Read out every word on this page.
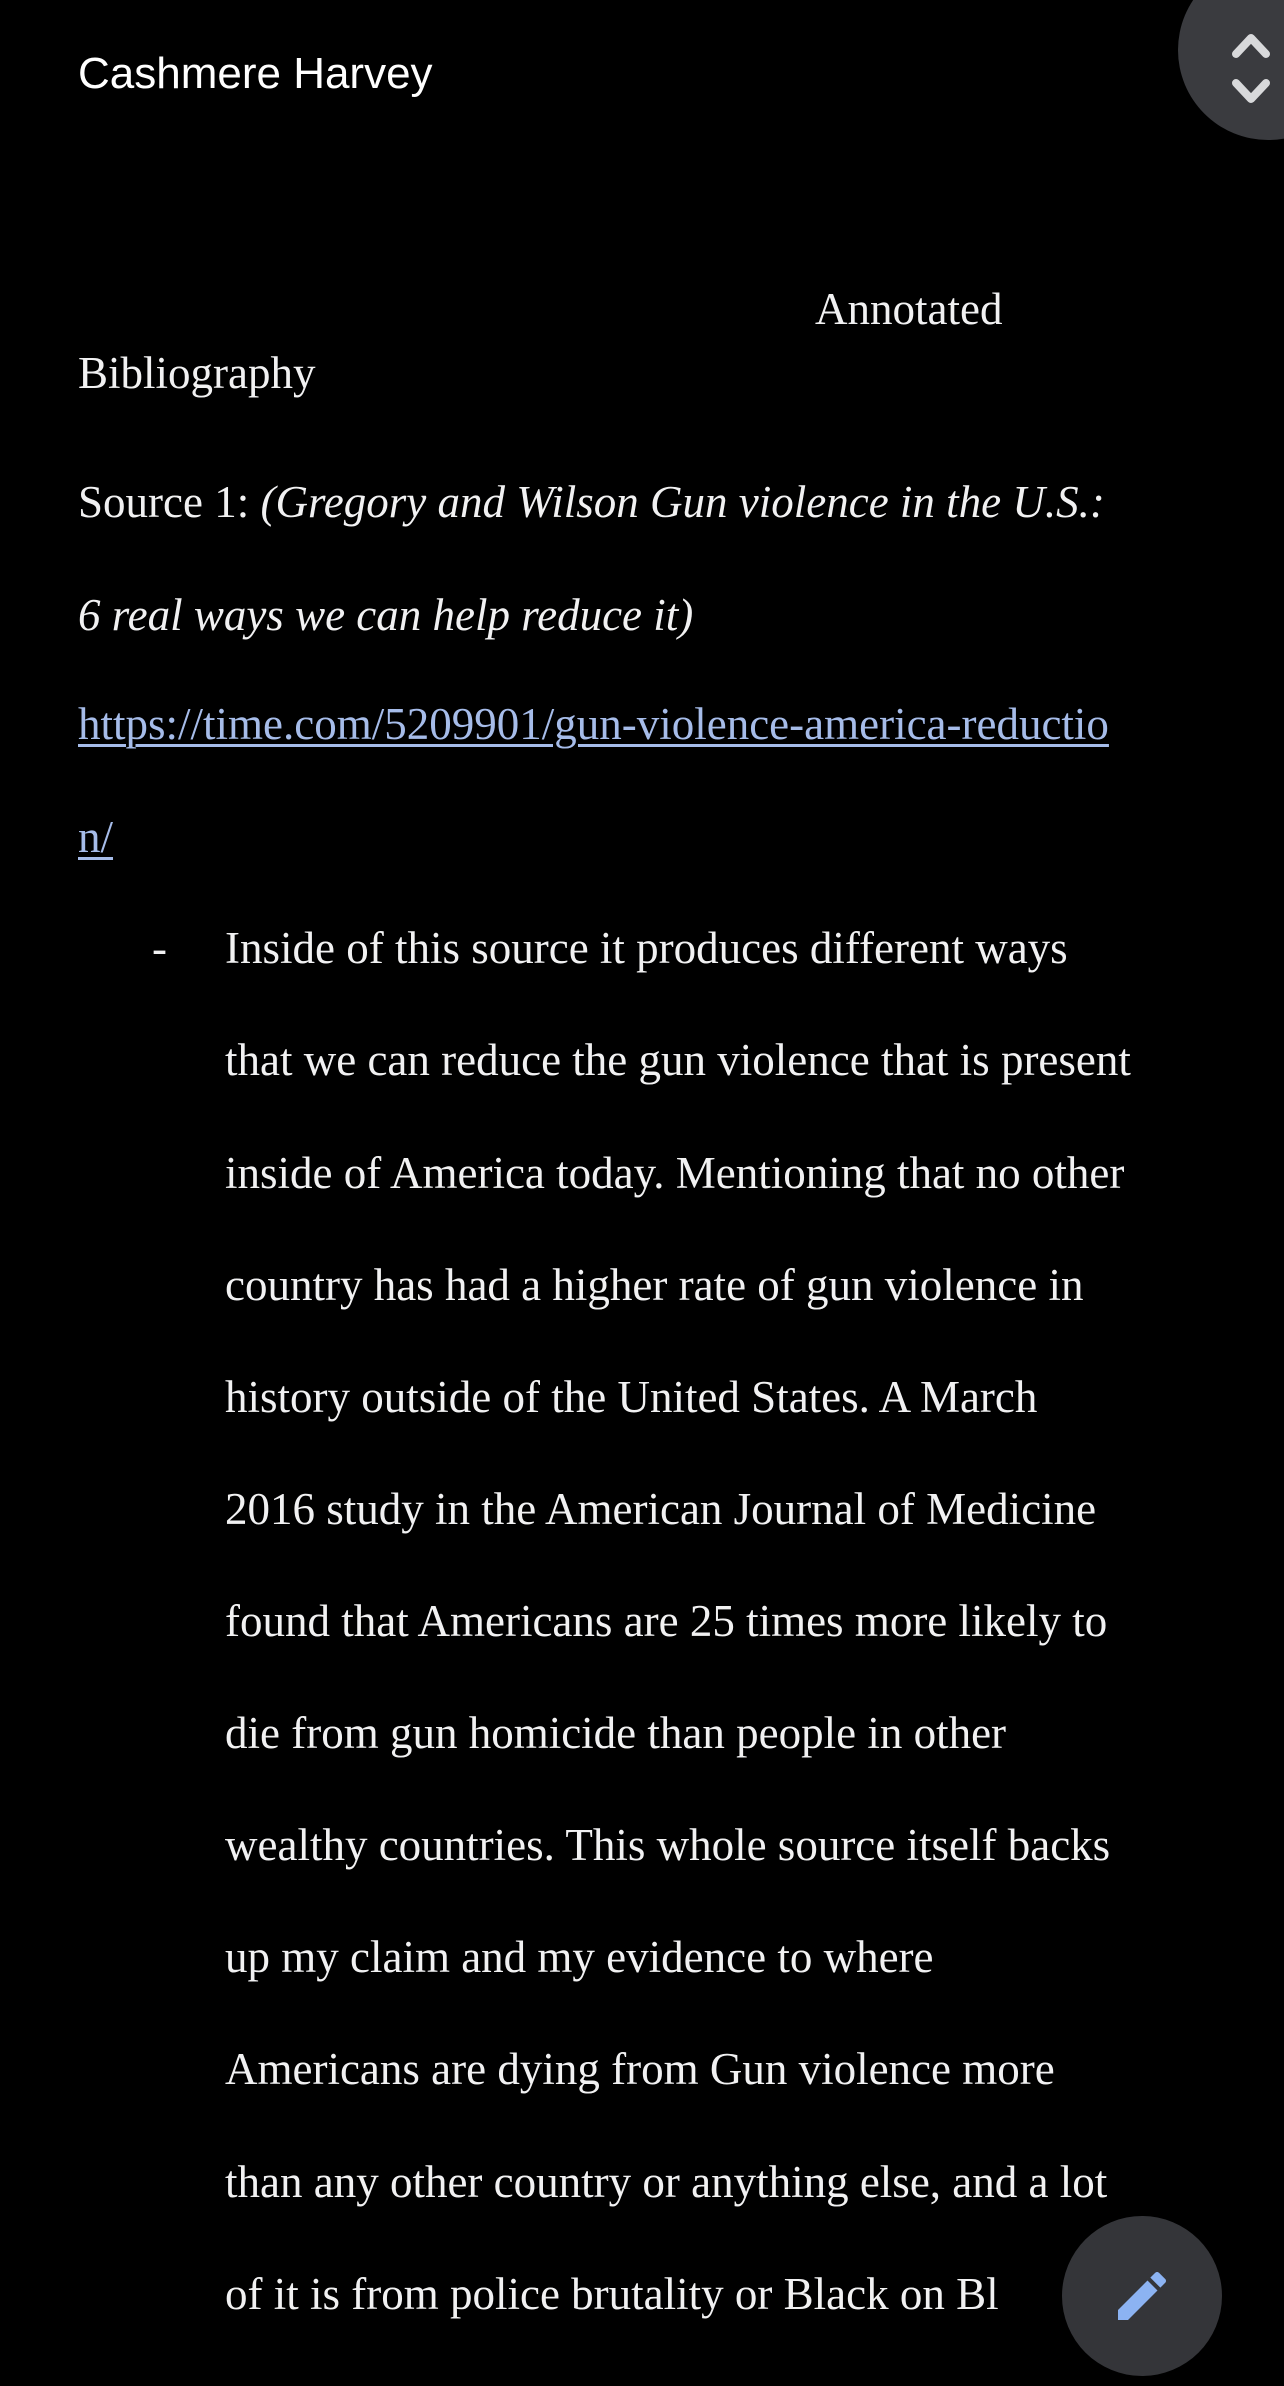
Cashmere Harvey
Annotated
Bibliography
Source 1: (Gregory and Wilson Gun violence in the U.S.:
6 real ways we can help reduce it)
https://time.com/5209901/gun-violence-america-reductio
n/
- Inside of this source it produces different ways
that we can reduce the gun violence that is present
inside of America today. Mentioning that no other
country has had a higher rate of gun violence in
history outside of the United States. A March
2016 study in the American Journal of Medicine
found that Americans are 25 times more likely to
die from gun homicide than people in other
wealthy countries. This whole source itself backs
up my claim and my evidence to where
Americans are dying from Gun violence more
than any other country or anything else, and a lot
of it is from police brutality or Black on Bl
